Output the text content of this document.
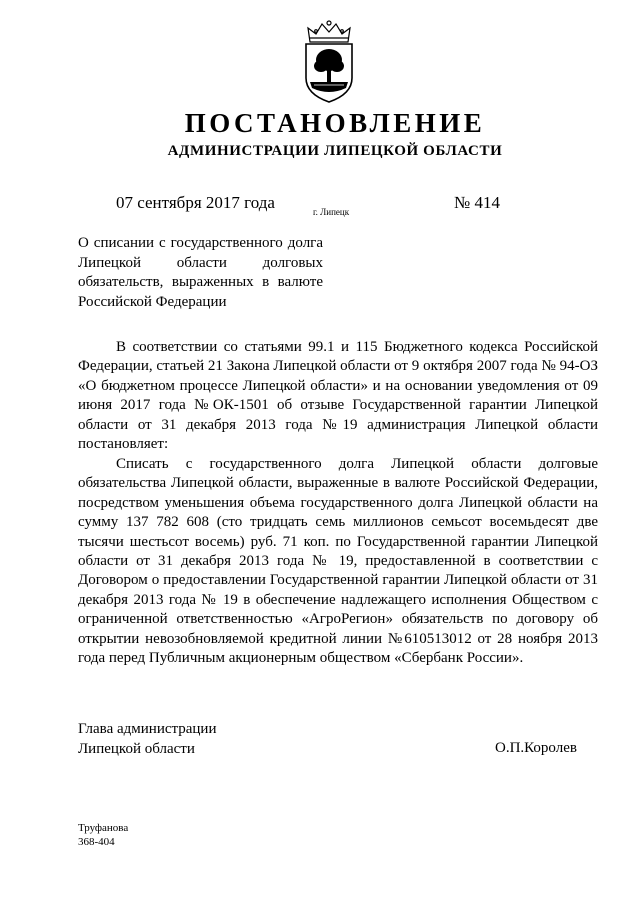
ПОСТАНОВЛЕНИЕ
АДМИНИСТРАЦИИ ЛИПЕЦКОЙ ОБЛАСТИ
07 сентября 2017 года	г. Липецк	№ 414
О списании с государственного долга Липецкой области долговых обязательств, выраженных в валюте Российской Федерации

В соответствии со статьями 99.1 и 115 Бюджетного кодекса Российской Федерации, статьей 21 Закона Липецкой области от 9 октября 2007 года № 94-ОЗ «О бюджетном процессе Липецкой области» и на основании уведомления от 09 июня 2017 года №ОК-1501 об отзыве Государственной гарантии Липецкой области от 31 декабря 2013 года №19 администрация Липецкой области постановляет:

Списать с государственного долга Липецкой области долговые обязательства Липецкой области, выраженные в валюте Российской Федерации, посредством уменьшения объема государственного долга Липецкой области на сумму 137 782 608 (сто тридцать семь миллионов семьсот восемьдесят две тысячи шестьсот восемь) руб. 71 коп. по Государственной гарантии Липецкой области от 31 декабря 2013 года № 19, предоставленной в соответствии с Договором о предоставлении Государственной гарантии Липецкой области от 31 декабря 2013 года № 19 в обеспечение надлежащего исполнения Обществом с ограниченной ответственностью «АгроРегион» обязательств по договору об открытии невозобновляемой кредитной линии №610513012 от 28 ноября 2013 года перед Публичным акционерным обществом «Сбербанк России».

Глава администрации
Липецкой области	О.П.Королев
Труфанова
368-404
